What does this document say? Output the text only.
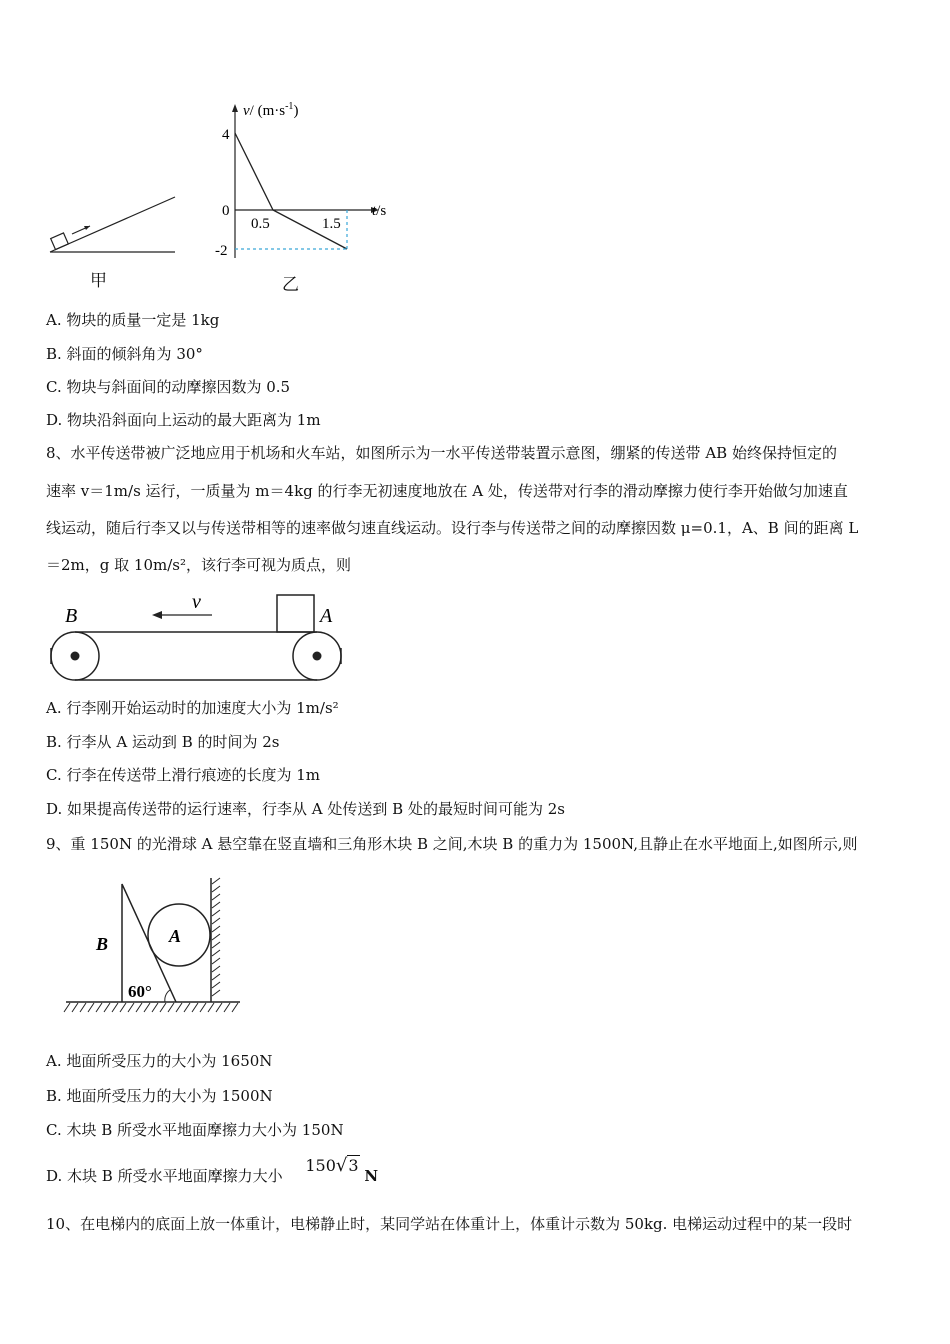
甲
v/ $(m\cdot s^{-1})$
4
0
-2
0.5	1.5
t/s
乙
A. 物块的质量一定是 1kg
B. 斜面的倾斜角为 30°
C. 物块与斜面间的动摩擦因数为 0.5
D. 物块沿斜面向上运动的最大距离为 1m
8、水平传送带被广泛地应用于机场和火车站，如图所示为一水平传送带装置示意图，绷紧的传送带 AB 始终保持恒定的
速率 v＝1m/s 运行，一质量为 m＝4kg 的行李无初速度地放在 A 处，传送带对行李的滑动摩擦力使行李开始做匀加速直
线运动，随后行李又以与传送带相等的速率做匀速直线运动。设行李与传送带之间的动摩擦因数 μ=0.1，A、B 间的距离 L
＝2m，g 取 10m/s²，该行李可视为质点，则
B	A
v
A. 行李刚开始运动时的加速度大小为 1m/s²
B. 行李从 A 运动到 B 的时间为 2s
C. 行李在传送带上滑行痕迹的长度为 1m
D. 如果提高传送带的运行速率，行李从 A 处传送到 B 处的最短时间可能为 2s
9、重 150N 的光滑球 A 悬空靠在竖直墙和三角形木块 B 之间,木块 B 的重力为 1500N,且静止在水平地面上,如图所示,则
B	A
60°
A. 地面所受压力的大小为 1650N
B. 地面所受压力的大小为 1500N
C. 木块 B 所受水平地面摩擦力大小为 150N
D. 木块 B 所受水平地面摩擦力大小 150√3 N
10、在电梯内的底面上放一体重计，电梯静止时，某同学站在体重计上，体重计示数为 50kg. 电梯运动过程中的某一段时
